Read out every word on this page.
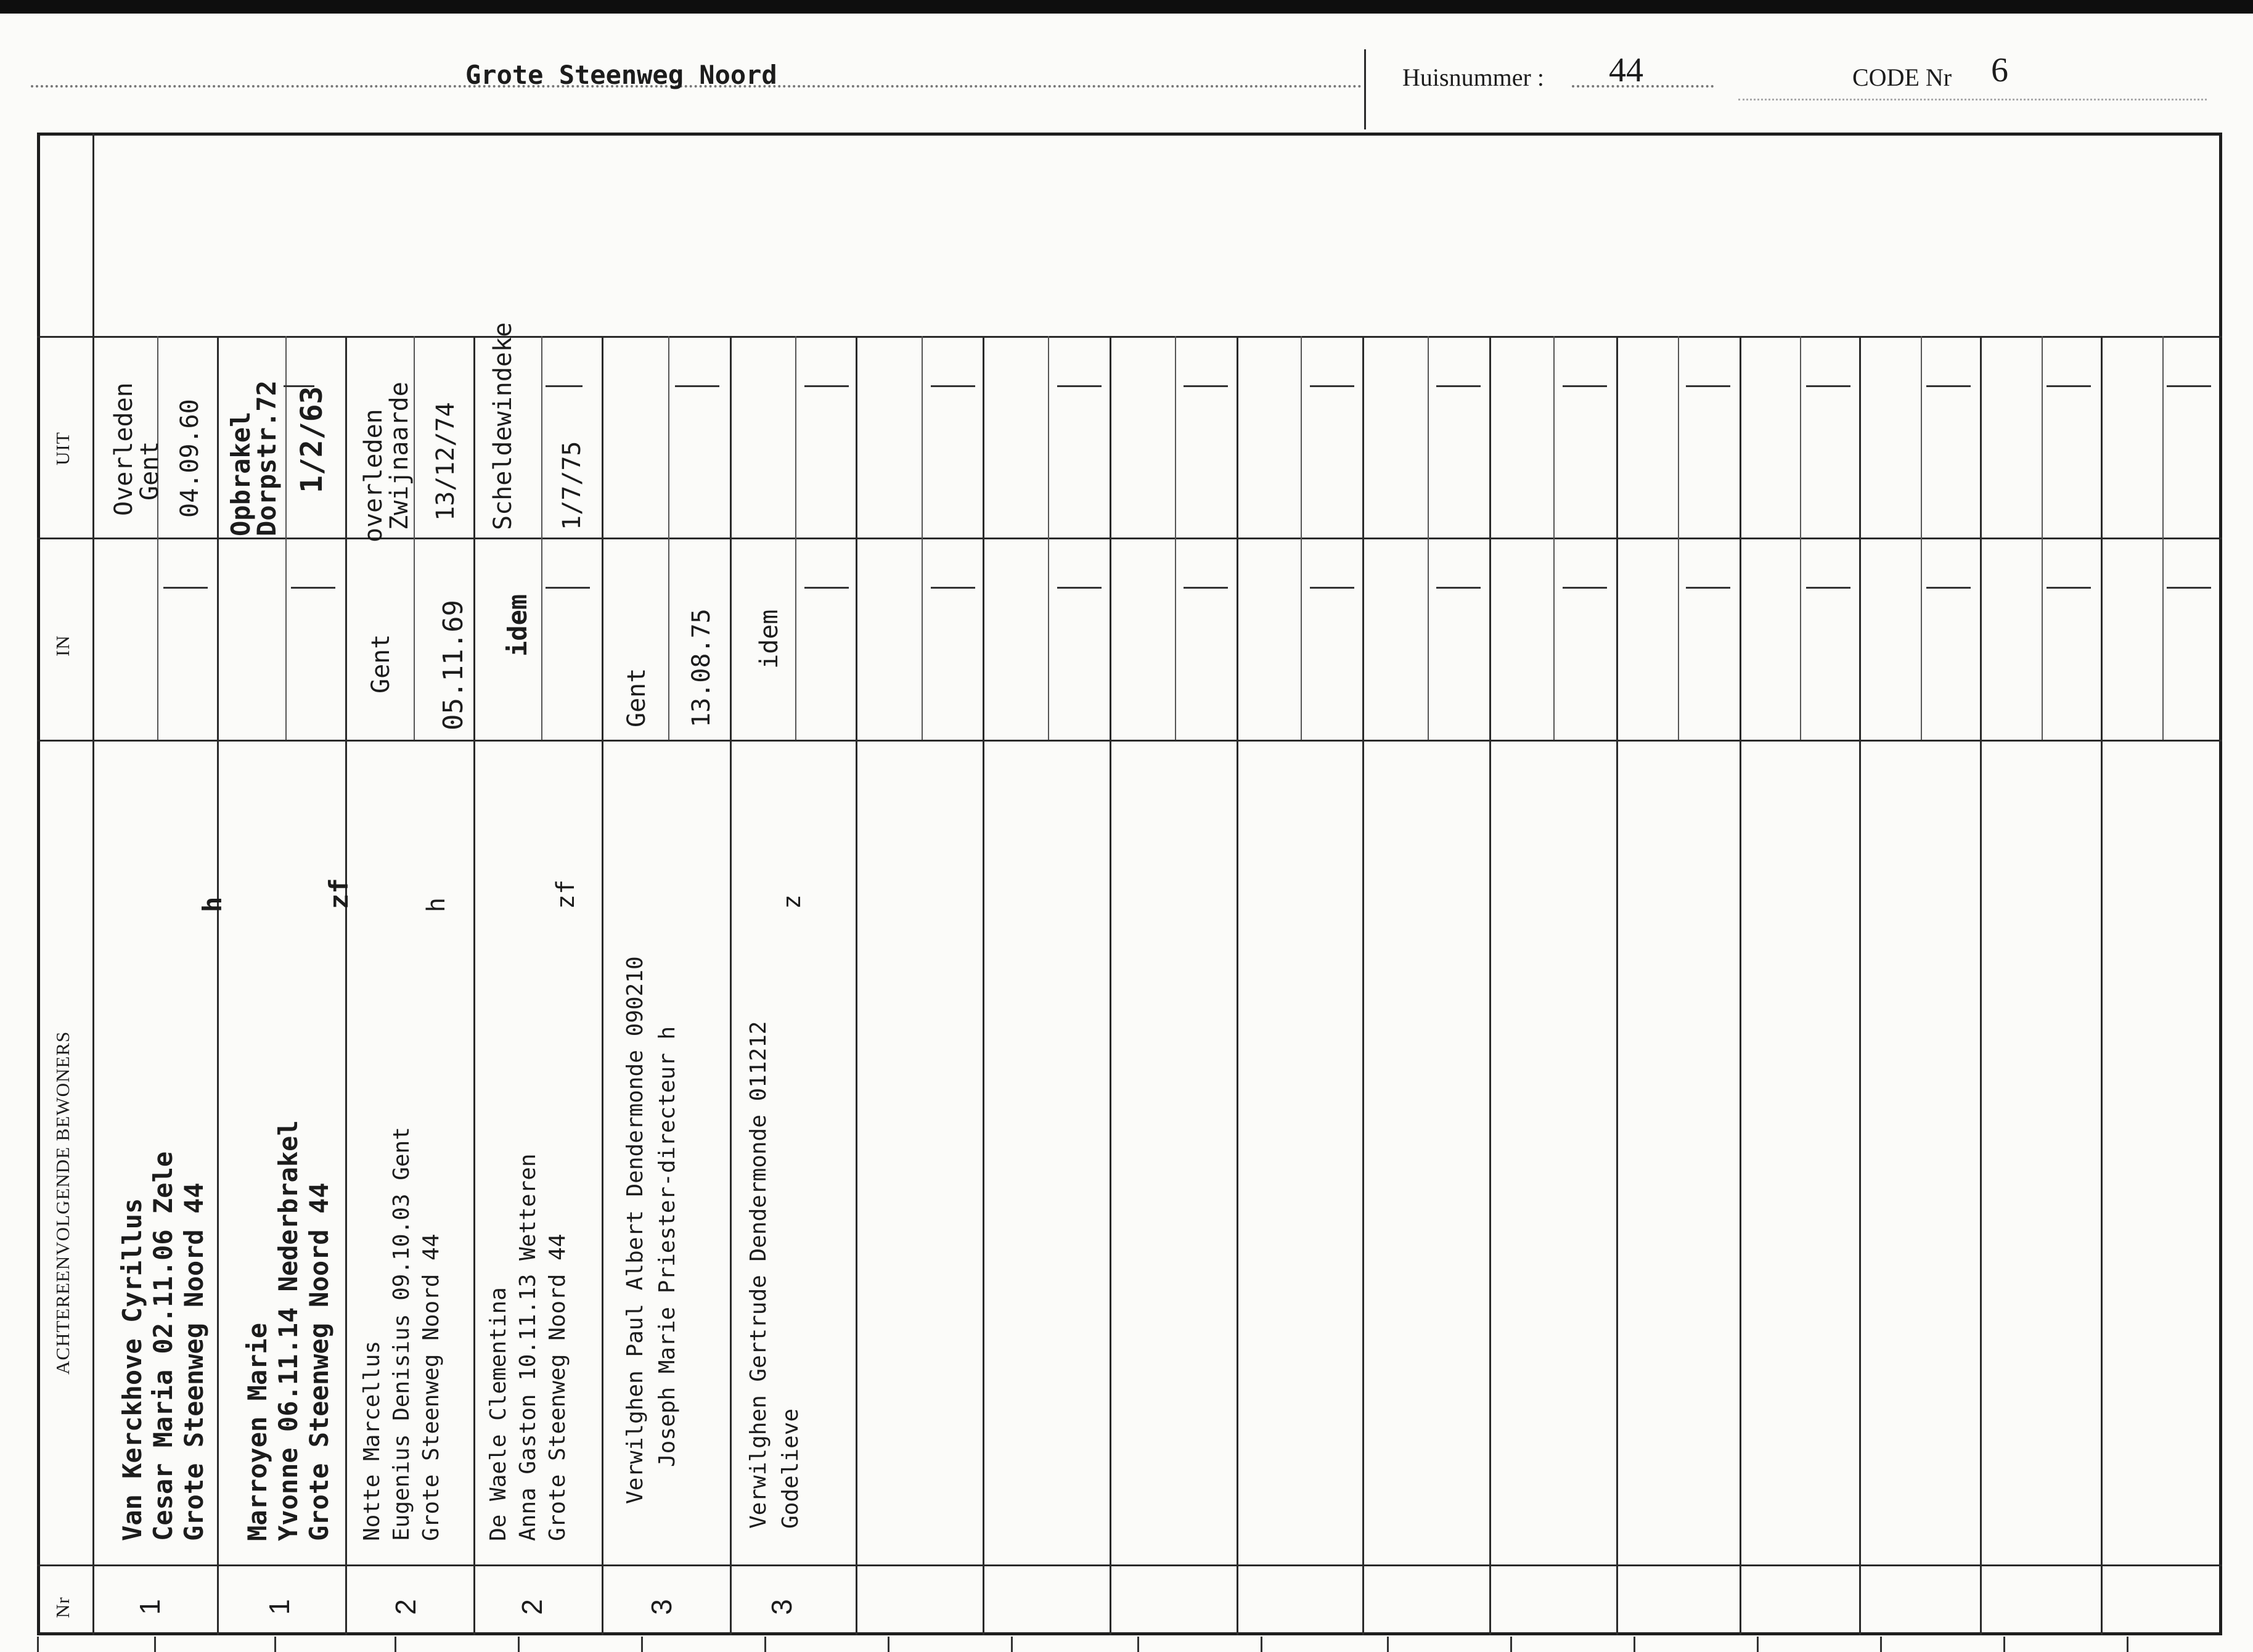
Grote Steenweg Noord	Huisnummer : 44	CODE Nr 6
UIT
IN
ACHTEREENVOLGENDE BEWONERS
Nr
Overleden
Gent 04.09.60
Van Kerckhove Cyrillus Cesar Maria 02.11.06 Zele Grote Steenweg Noord 44
h
1
Opbrakel
Dorpstr.72 1/2/63
Marroyen Marie Yvonne 06.11.14 Nederbrakel Grote Steenweg Noord 44
zf
1
overleden
Zwijnaarde 13/12/74
Gent 05.11.69
Notte Marcellus Eugenius Denisius 09.10.03 Gent Grote Steenweg Noord 44
h
2
Scheldewindeke 1/7/75
idem
De Waele Clementina Anna Gaston 10.11.13 Wetteren Grote Steenweg Noord 44
zf
2
Gent 13.08.75
Verwilghen Paul Albert Dendermonde 090210 Joseph Marie Priester-directeur h
3
idem
Verwilghen Gertrude Dendermonde 011212 Godelieve
z
3
